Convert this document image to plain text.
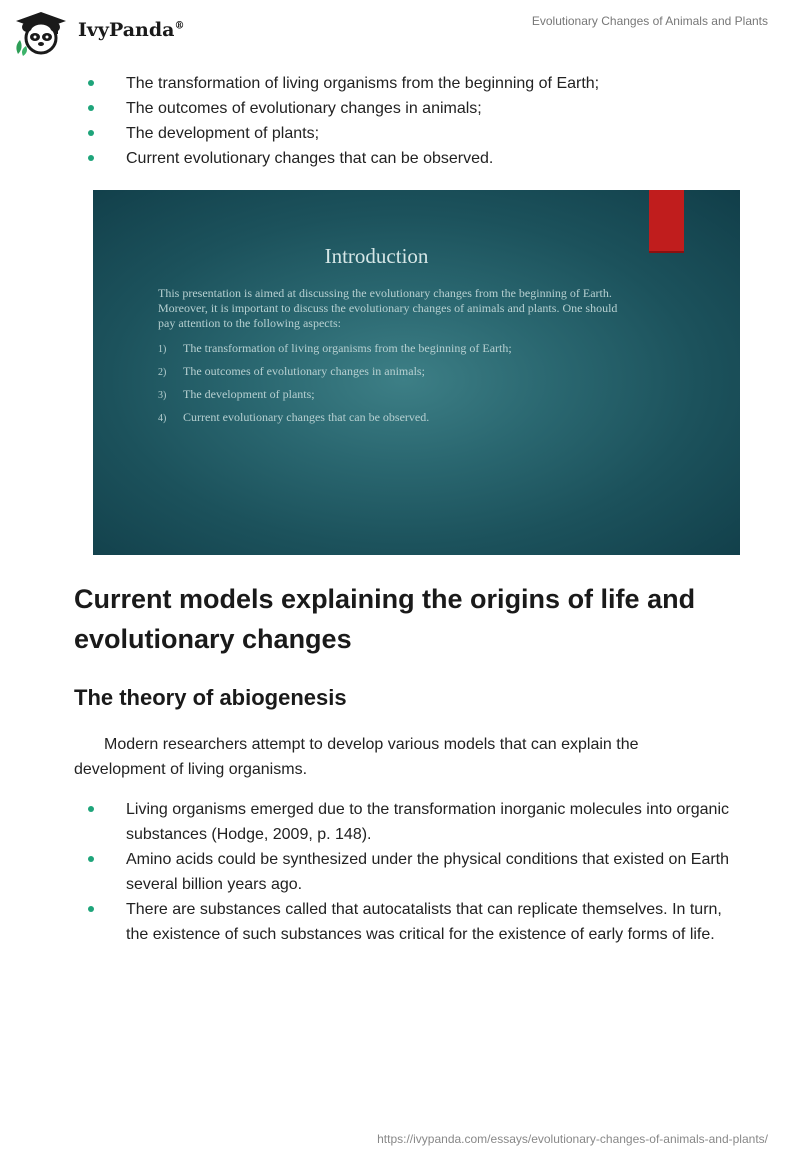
IvyPanda®	Evolutionary Changes of Animals and Plants
The transformation of living organisms from the beginning of Earth;
The outcomes of evolutionary changes in animals;
The development of plants;
Current evolutionary changes that can be observed.
Introduction
This presentation is aimed at discussing the evolutionary changes from the beginning of Earth. Moreover, it is important to discuss the evolutionary changes of animals and plants. One should pay attention to the following aspects:
1) The transformation of living organisms from the beginning of Earth;
2) The outcomes of evolutionary changes in animals;
3) The development of plants;
4) Current evolutionary changes that can be observed.
Current models explaining the origins of life and evolutionary changes
The theory of abiogenesis

Modern researchers attempt to develop various models that can explain the development of living organisms.

Living organisms emerged due to the transformation inorganic molecules into organic substances (Hodge, 2009, p. 148).
Amino acids could be synthesized under the physical conditions that existed on Earth several billion years ago.
There are substances called that autocatalists that can replicate themselves. In turn, the existence of such substances was critical for the existence of early forms of life.
https://ivypanda.com/essays/evolutionary-changes-of-animals-and-plants/
